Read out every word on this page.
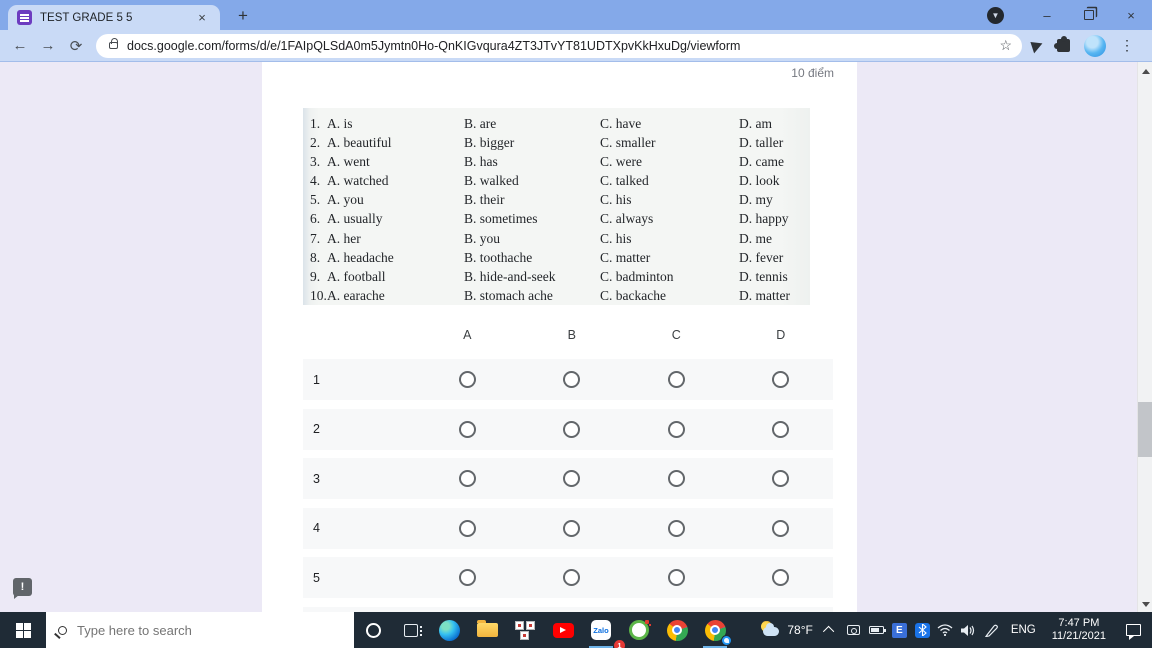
TEST GRADE 5 5	×	+	▼	–	×
← → ⟳	docs.google.com/forms/d/e/1FAIpQLSdA0m5Jymtn0Ho-QnKIGvqura4ZT3JTvYT81UDTXpvKkHxuDg/viewform	☆	⋮
10 điểm
1. A. is	B. are	C. have	D. am
2. A. beautiful	B. bigger	C. smaller	D. taller
3. A. went	B. has	C. were	D. came
4. A. watched	B. walked	C. talked	D. look
5. A. you	B. their	C. his	D. my
6. A. usually	B. sometimes	C. always	D. happy
7. A. her	B. you	C. his	D. me
8. A. headache	B. toothache	C. matter	D. fever
9. A. football	B. hide-and-seek	C. badminton	D. tennis
10. A. earache	B. stomach ache	C. backache	D. matter
A	B	C	D
1
2
3
4
5
!
Type here to search
Zalo
1
78°F	E	ENG
7:47 PM
11/21/2021
